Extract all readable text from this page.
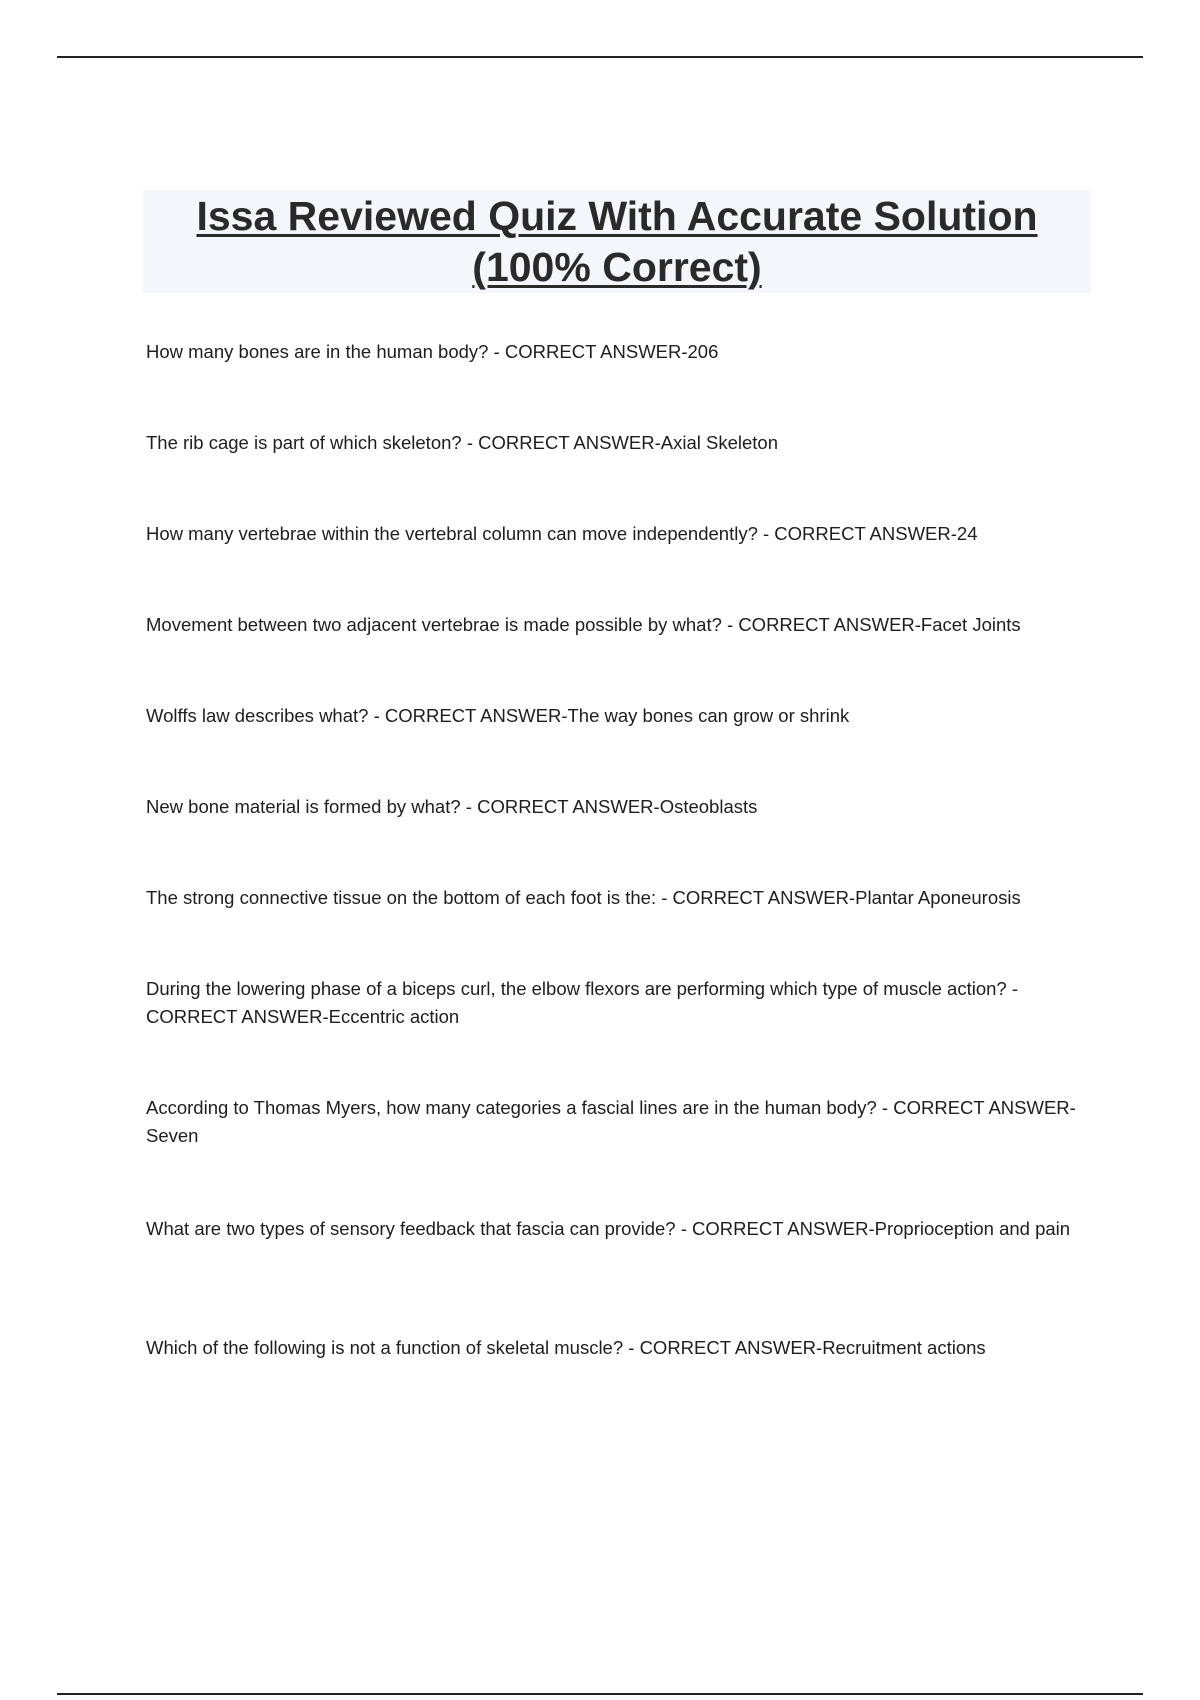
Issa Reviewed Quiz With Accurate Solution
(100% Correct)

How many bones are in the human body? - CORRECT ANSWER-206

The rib cage is part of which skeleton? - CORRECT ANSWER-Axial Skeleton

How many vertebrae within the vertebral column can move independently? - CORRECT ANSWER-24

Movement between two adjacent vertebrae is made possible by what? - CORRECT ANSWER-Facet Joints

Wolffs law describes what? - CORRECT ANSWER-The way bones can grow or shrink

New bone material is formed by what? - CORRECT ANSWER-Osteoblasts

The strong connective tissue on the bottom of each foot is the: - CORRECT ANSWER-Plantar Aponeurosis

During the lowering phase of a biceps curl, the elbow flexors are performing which type of muscle action? - CORRECT ANSWER-Eccentric action

According to Thomas Myers, how many categories a fascial lines are in the human body? - CORRECT ANSWER-Seven

What are two types of sensory feedback that fascia can provide? - CORRECT ANSWER-Proprioception and pain

Which of the following is not a function of skeletal muscle? - CORRECT ANSWER-Recruitment actions
